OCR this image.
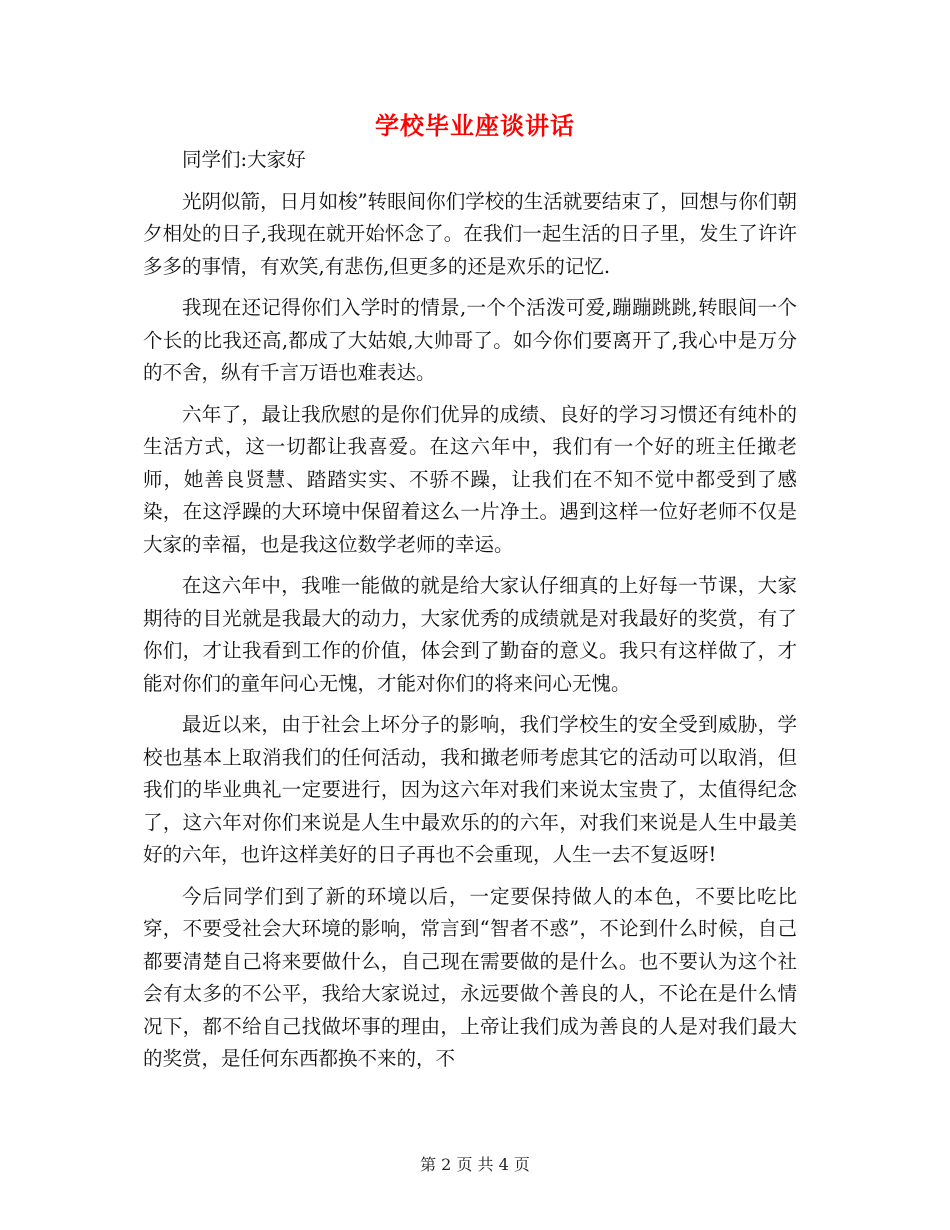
学校毕业座谈讲话

同学们:大家好

光阴似箭，日月如梭”转眼间你们学校的生活就要结束了，回想与你们朝夕相处的日子,我现在就开始怀念了。在我们一起生活的日子里，发生了许许多多的事情，有欢笑,有悲伤,但更多的还是欢乐的记忆.

我现在还记得你们入学时的情景,一个个活泼可爱,蹦蹦跳跳,转眼间一个个长的比我还高,都成了大姑娘,大帅哥了。如今你们要离开了,我心中是万分的不舍，纵有千言万语也难表达。

六年了，最让我欣慰的是你们优异的成绩、良好的学习习惯还有纯朴的生活方式，这一切都让我喜爱。在这六年中，我们有一个好的班主任撖老师，她善良贤慧、踏踏实实、不骄不躁，让我们在不知不觉中都受到了感染，在这浮躁的大环境中保留着这么一片净土。遇到这样一位好老师不仅是大家的幸福，也是我这位数学老师的幸运。

在这六年中，我唯一能做的就是给大家认仔细真的上好每一节课，大家期待的目光就是我最大的动力，大家优秀的成绩就是对我最好的奖赏，有了你们，才让我看到工作的价值，体会到了勤奋的意义。我只有这样做了，才能对你们的童年问心无愧，才能对你们的将来问心无愧。

最近以来，由于社会上坏分子的影响，我们学校生的安全受到威胁，学校也基本上取消我们的任何活动，我和撖老师考虑其它的活动可以取消，但我们的毕业典礼一定要进行，因为这六年对我们来说太宝贵了，太值得纪念了，这六年对你们来说是人生中最欢乐的的六年，对我们来说是人生中最美好的六年，也许这样美好的日子再也不会重现，人生一去不复返呀!

今后同学们到了新的环境以后，一定要保持做人的本色，不要比吃比穿，不要受社会大环境的影响，常言到“智者不惑”，不论到什么时候，自己都要清楚自己将来要做什么，自己现在需要做的是什么。也不要认为这个社会有太多的不公平，我给大家说过，永远要做个善良的人，不论在是什么情况下，都不给自己找做坏事的理由，上帝让我们成为善良的人是对我们最大的奖赏，是任何东西都换不来的，不

第 2 页 共 4 页
